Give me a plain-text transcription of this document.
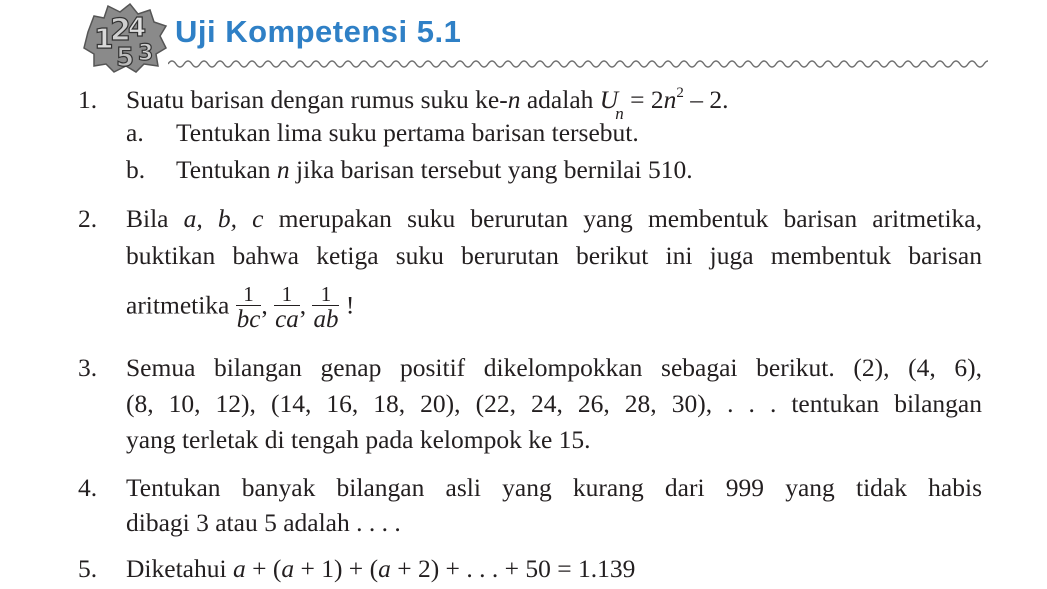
1
2
4
5 3
Uji Kompetensi 5.1
1. Suatu barisan dengan rumus suku ke-n adalah $U_n = 2n^2 - 2$.
a. Tentukan lima suku pertama barisan tersebut.
b. Tentukan n jika barisan tersebut yang bernilai 510.
2. Bila a, b, c merupakan suku berurutan yang membentuk barisan aritmetika,
buktikan bahwa ketiga suku berurutan berikut ini juga membentuk barisan
aritmetika $\frac{1}{bc}$ , $\frac{1}{ca}$ , $\frac{1}{ab}$ !
3. Semua bilangan genap positif dikelompokkan sebagai berikut. (2), (4, 6),
(8, 10, 12), (14, 16, 18, 20), (22, 24, 26, 28, 30), . . . tentukan bilangan
yang terletak di tengah pada kelompok ke 15.
4. Tentukan banyak bilangan asli yang kurang dari 999 yang tidak habis
dibagi 3 atau 5 adalah . . . .
5. Diketahui a + (a + 1) + (a + 2) + . . . + 50 = 1.139
